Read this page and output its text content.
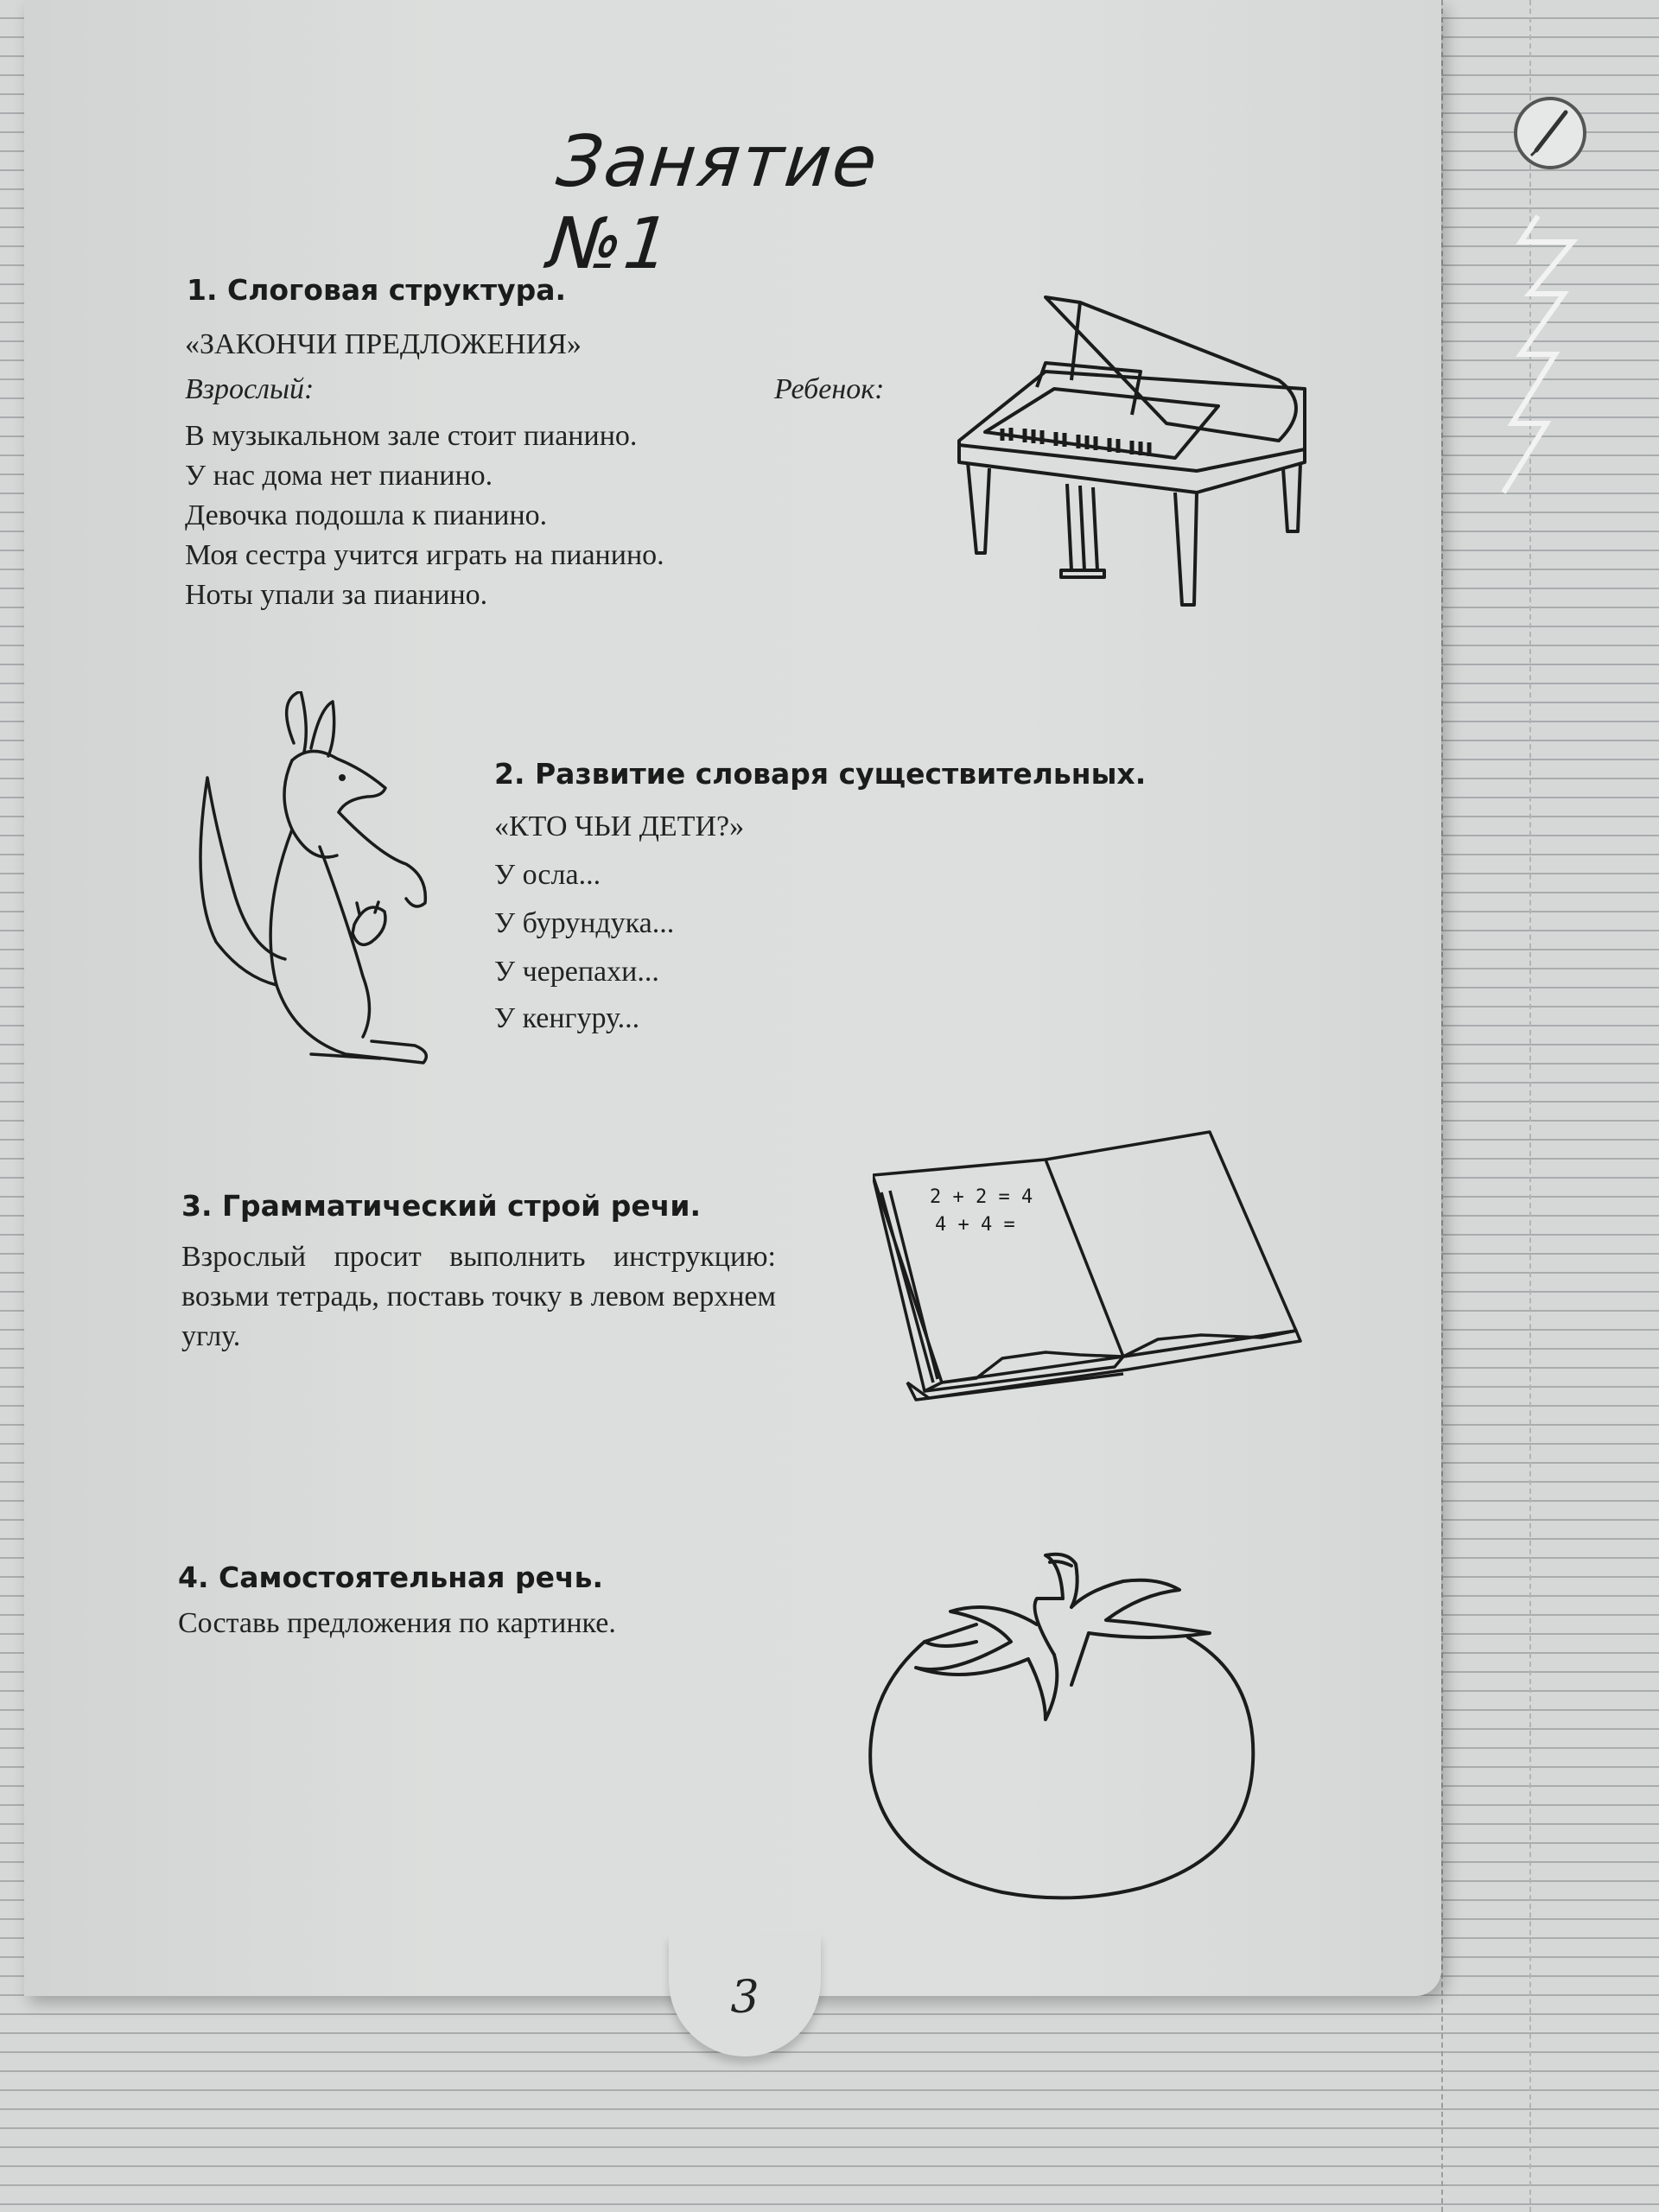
3
Занятие №1
1. Слоговая структура.
«ЗАКОНЧИ ПРЕДЛОЖЕНИЯ»
Взрослый:	Ребенок:
В музыкальном зале стоит пианино.
У нас дома нет пианино.
Девочка подошла к пианино.
Моя сестра учится играть на пианино.
Ноты упали за пианино.
2. Развитие словаря существительных.
«КТО ЧЬИ ДЕТИ?»
У осла...
У бурундука...
У черепахи...
У кенгуру...
3. Грамматический строй речи.
Взрослый просит выполнить инструкцию: возьми тетрадь, поставь точку в левом верхнем углу.
2 + 2 = 4
4 + 4 =
4. Самостоятельная речь.
Составь предложения по картинке.
